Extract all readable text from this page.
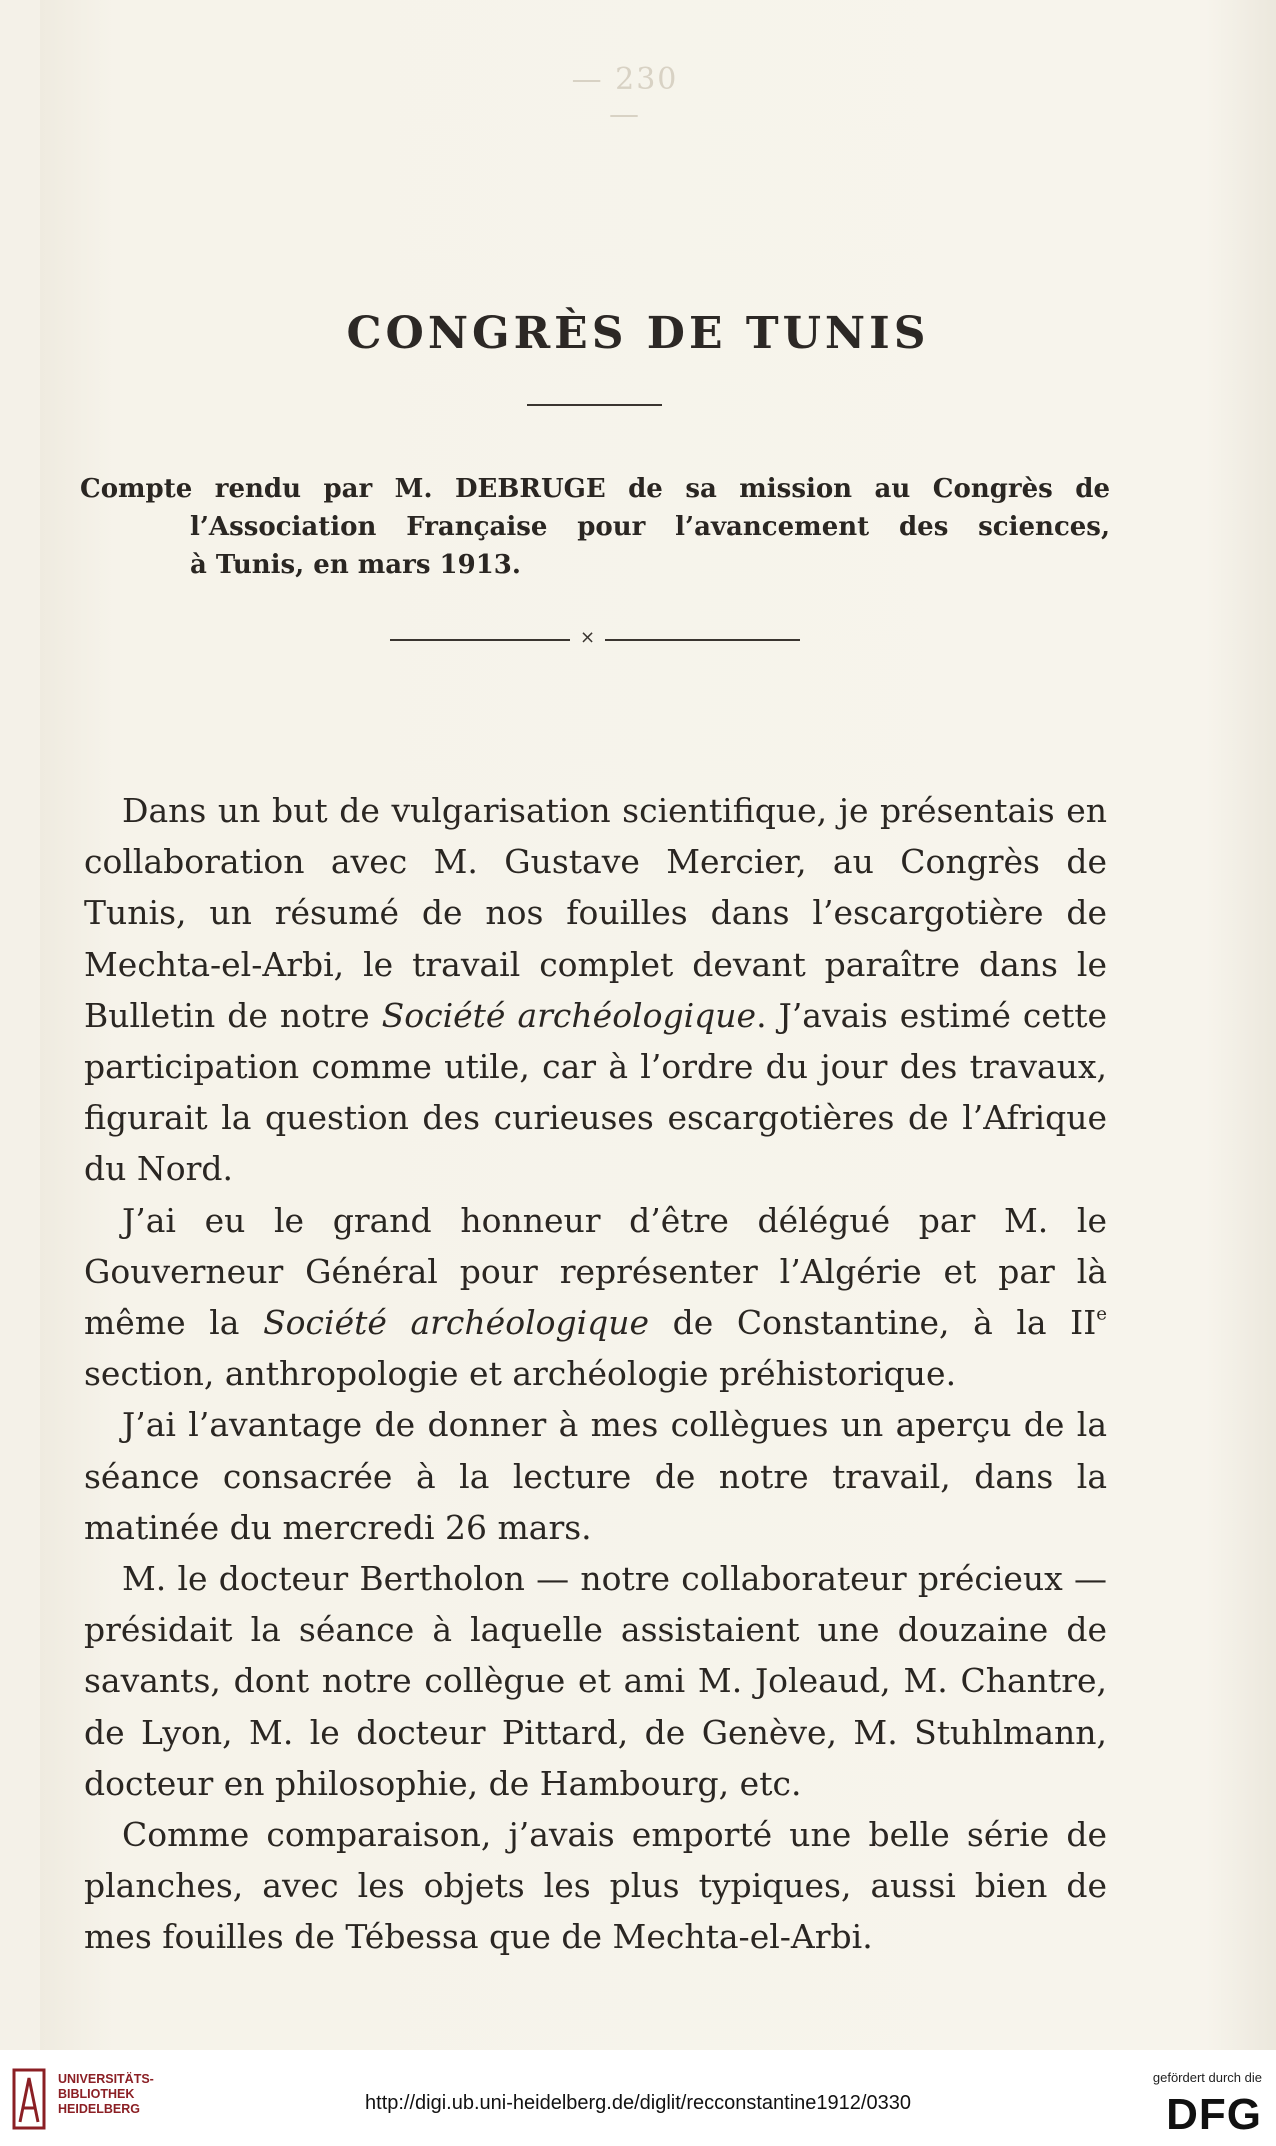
— 230 —
CONGRÈS DE TUNIS

Compte rendu par M. DEBRUGE de sa mission au Congrès de

l’Association Française pour l’avancement des sciences,

à Tunis, en mars 1913.

⨯

Dans un but de vulgarisation scientifique, je présentais en collaboration avec M. Gustave Mercier, au Congrès de Tunis, un résumé de nos fouilles dans l’escargotière de Mechta-el-Arbi, le travail complet devant paraître dans le Bulletin de notre Société archéologique. J’avais estimé cette participation comme utile, car à l’ordre du jour des travaux, figurait la question des curieuses escargotières de l’Afrique du Nord.

J’ai eu le grand honneur d’être délégué par M. le Gouverneur Général pour représenter l’Algérie et par là même la Société archéologique de Constantine, à la IIe section, anthropologie et archéologie préhistorique.

J’ai l’avantage de donner à mes collègues un aperçu de la séance consacrée à la lecture de notre travail, dans la matinée du mercredi 26 mars.

M. le docteur Bertholon — notre collaborateur précieux — présidait la séance à laquelle assistaient une douzaine de savants, dont notre collègue et ami M. Joleaud, M. Chantre, de Lyon, M. le docteur Pittard, de Genève, M. Stuhlmann, docteur en philosophie, de Hambourg, etc.

Comme comparaison, j’avais emporté une belle série de planches, avec les objets les plus typiques, aussi bien de mes fouilles de Tébessa que de Mechta-el-Arbi.

UNIVERSITÄTS-
BIBLIOTHEK
HEIDELBERG	http://digi.ub.uni-heidelberg.de/diglit/recconstantine1912/0330
gefördert durch die
DFG
